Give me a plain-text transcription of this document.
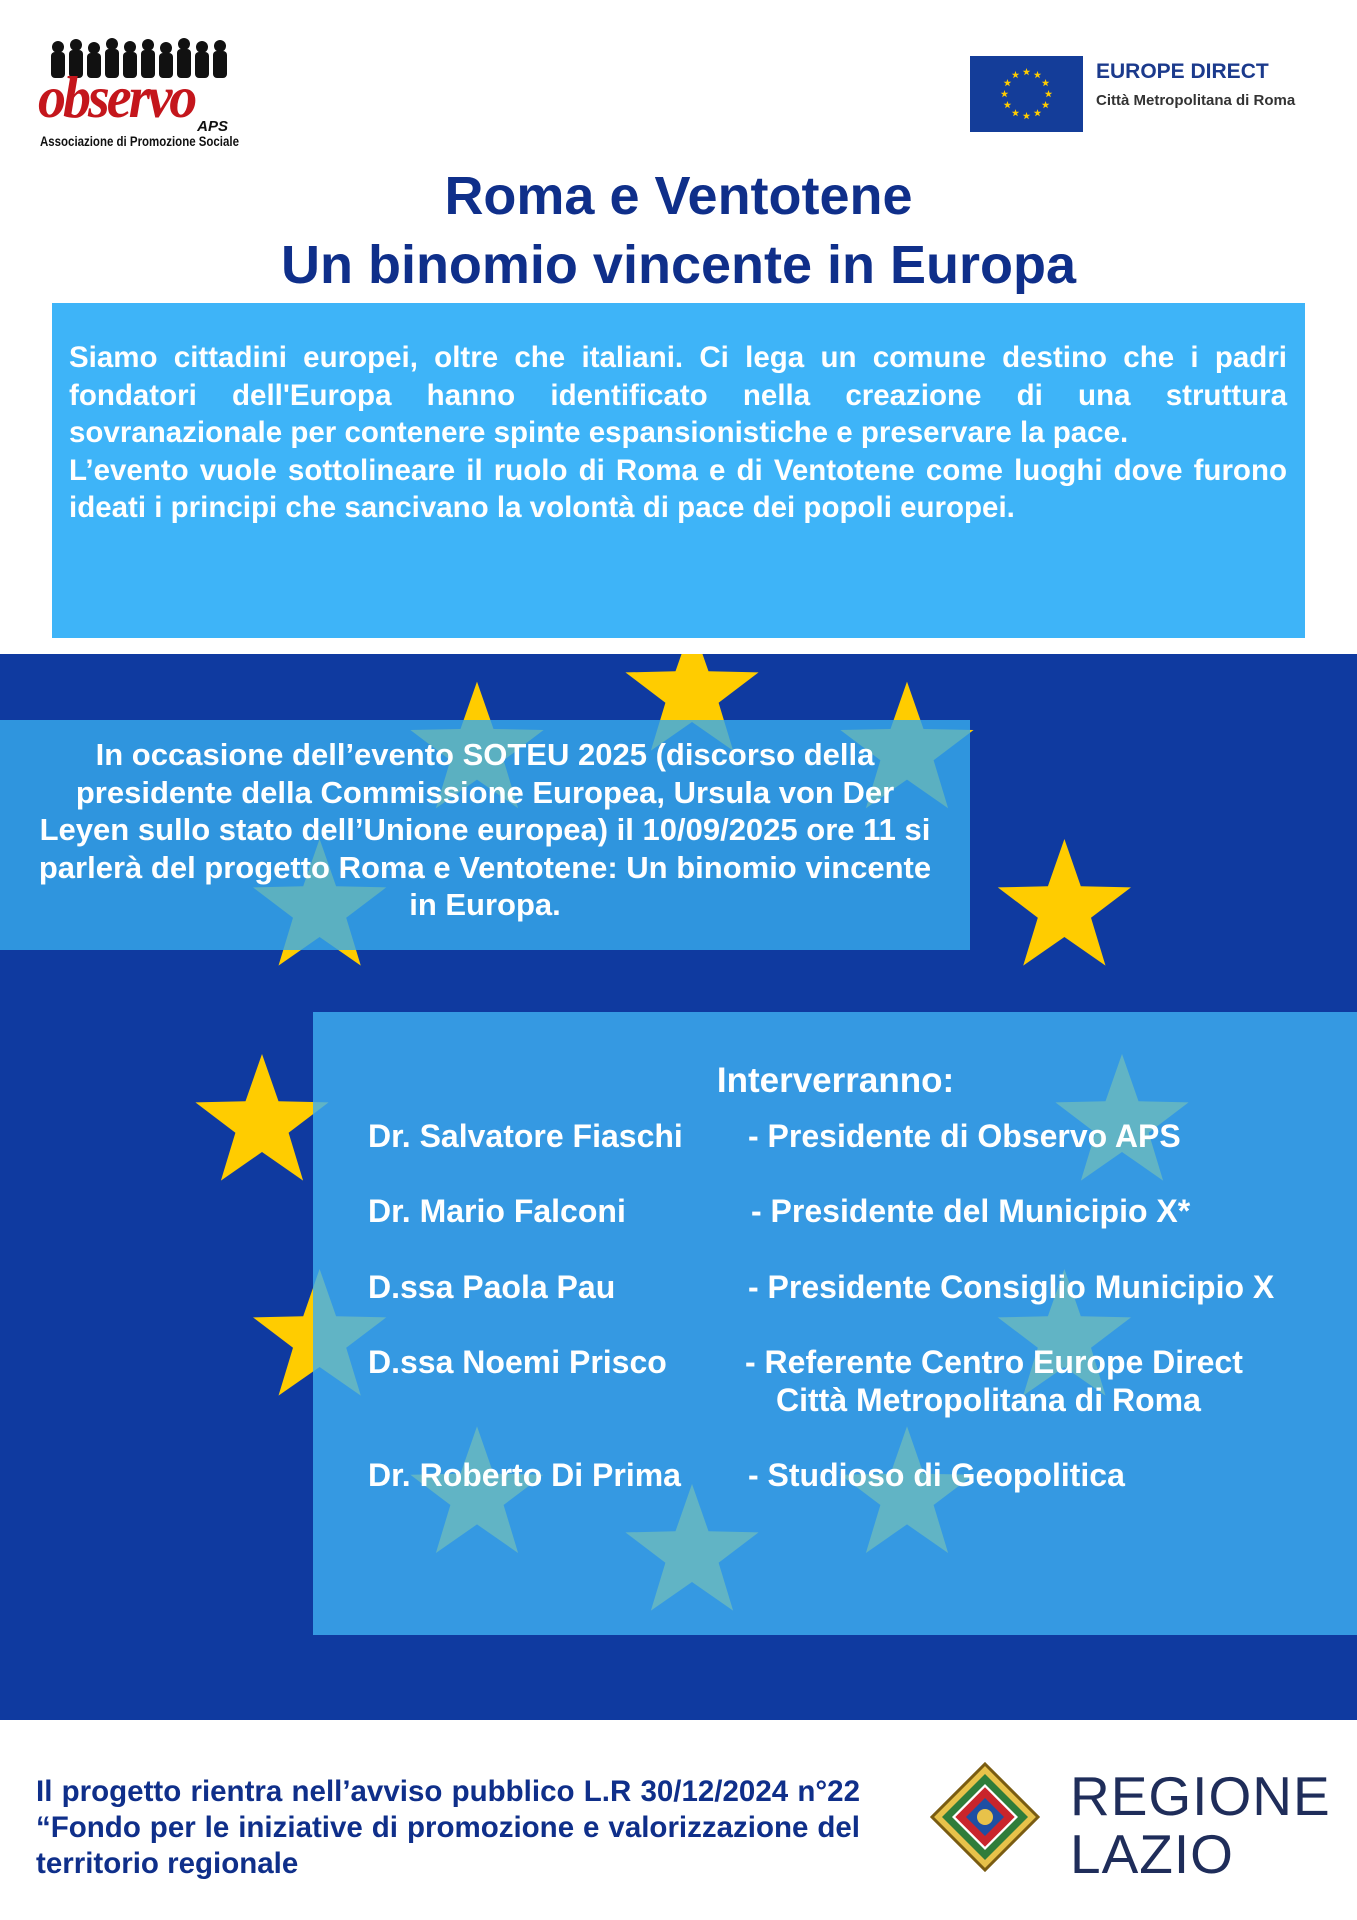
observo APS
Associazione di Promozione Sociale
EUROPE DIRECT
Città Metropolitana di Roma
Roma e Ventotene
Un binomio vincente in Europa

Siamo cittadini europei, oltre che italiani. Ci lega un comune destino che i padri fondatori dell'Europa hanno identificato nella creazione di una struttura sovranazionale per contenere spinte espansionistiche e preservare la pace.

L’evento vuole sottolineare il ruolo di Roma e di Ventotene come luoghi dove furono ideati i principi che sancivano la volontà di pace dei popoli europei.

In occasione dell’evento SOTEU 2025 (discorso della presidente della Commissione Europea, Ursula von Der Leyen sullo stato dell’Unione europea) il 10/09/2025 ore 11 si parlerà del progetto Roma e Ventotene: Un binomio vincente in Europa.

Interverranno:
Dr. Salvatore Fiaschi - Presidente di Observo APS
Dr. Mario Falconi	- Presidente del Municipio X*
D.ssa Paola Pau	- Presidente Consiglio Municipio X
D.ssa Noemi Prisco - Referente Centro Europe Direct
Città Metropolitana di Roma
Dr. Roberto Di Prima - Studioso di Geopolitica
Il progetto rientra nell’avviso pubblico L.R 30/12/2024 n°22 “Fondo per le iniziative di promozione e valorizzazione del territorio regionale
REGIONE
LAZIO
